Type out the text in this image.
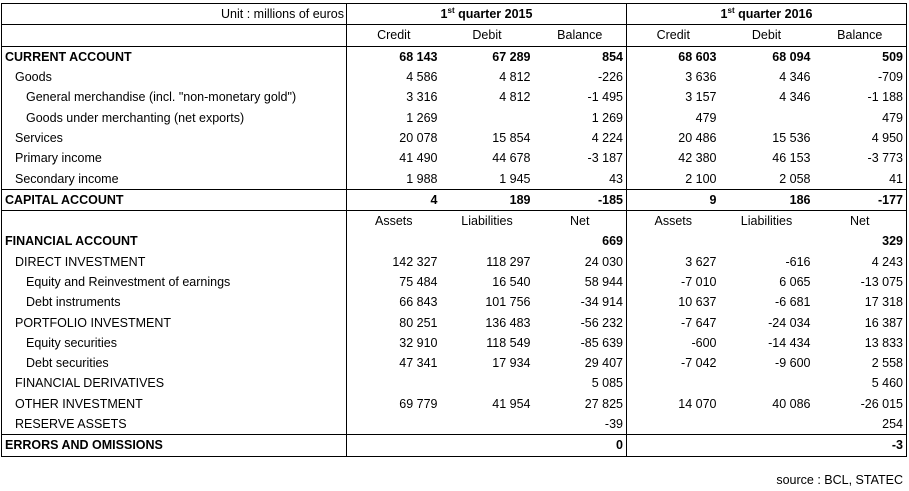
Unit : millions of euros	1st quarter 2015			1st quarter 2016		
	Credit	Debit	Balance	Credit	Debit	Balance
CURRENT ACCOUNT	68 143	67 289	854	68 603	68 094	509
Goods	4 586	4 812	-226	3 636	4 346	-709
General merchandise (incl. "non-monetary gold")	3 316	4 812	-1 495	3 157	4 346	-1 188
Goods under merchanting (net exports)	1 269		1 269	479		479
Services	20 078	15 854	4 224	20 486	15 536	4 950
Primary income	41 490	44 678	-3 187	42 380	46 153	-3 773
Secondary income	1 988	1 945	43	2 100	2 058	41
CAPITAL ACCOUNT	4	189	-185	9	186	-177
	Assets	Liabilities	Net	Assets	Liabilities	Net
FINANCIAL ACCOUNT			669			329
DIRECT INVESTMENT	142 327	118 297	24 030	3 627	-616	4 243
Equity and Reinvestment of earnings	75 484	16 540	58 944	-7 010	6 065	-13 075
Debt instruments	66 843	101 756	-34 914	10 637	-6 681	17 318
PORTFOLIO INVESTMENT	80 251	136 483	-56 232	-7 647	-24 034	16 387
Equity securities	32 910	118 549	-85 639	-600	-14 434	13 833
Debt securities	47 341	17 934	29 407	-7 042	-9 600	2 558
FINANCIAL DERIVATIVES			5 085			5 460
OTHER INVESTMENT	69 779	41 954	27 825	14 070	40 086	-26 015
RESERVE ASSETS			-39			254
ERRORS AND OMISSIONS			0			-3
source : BCL, STATEC
